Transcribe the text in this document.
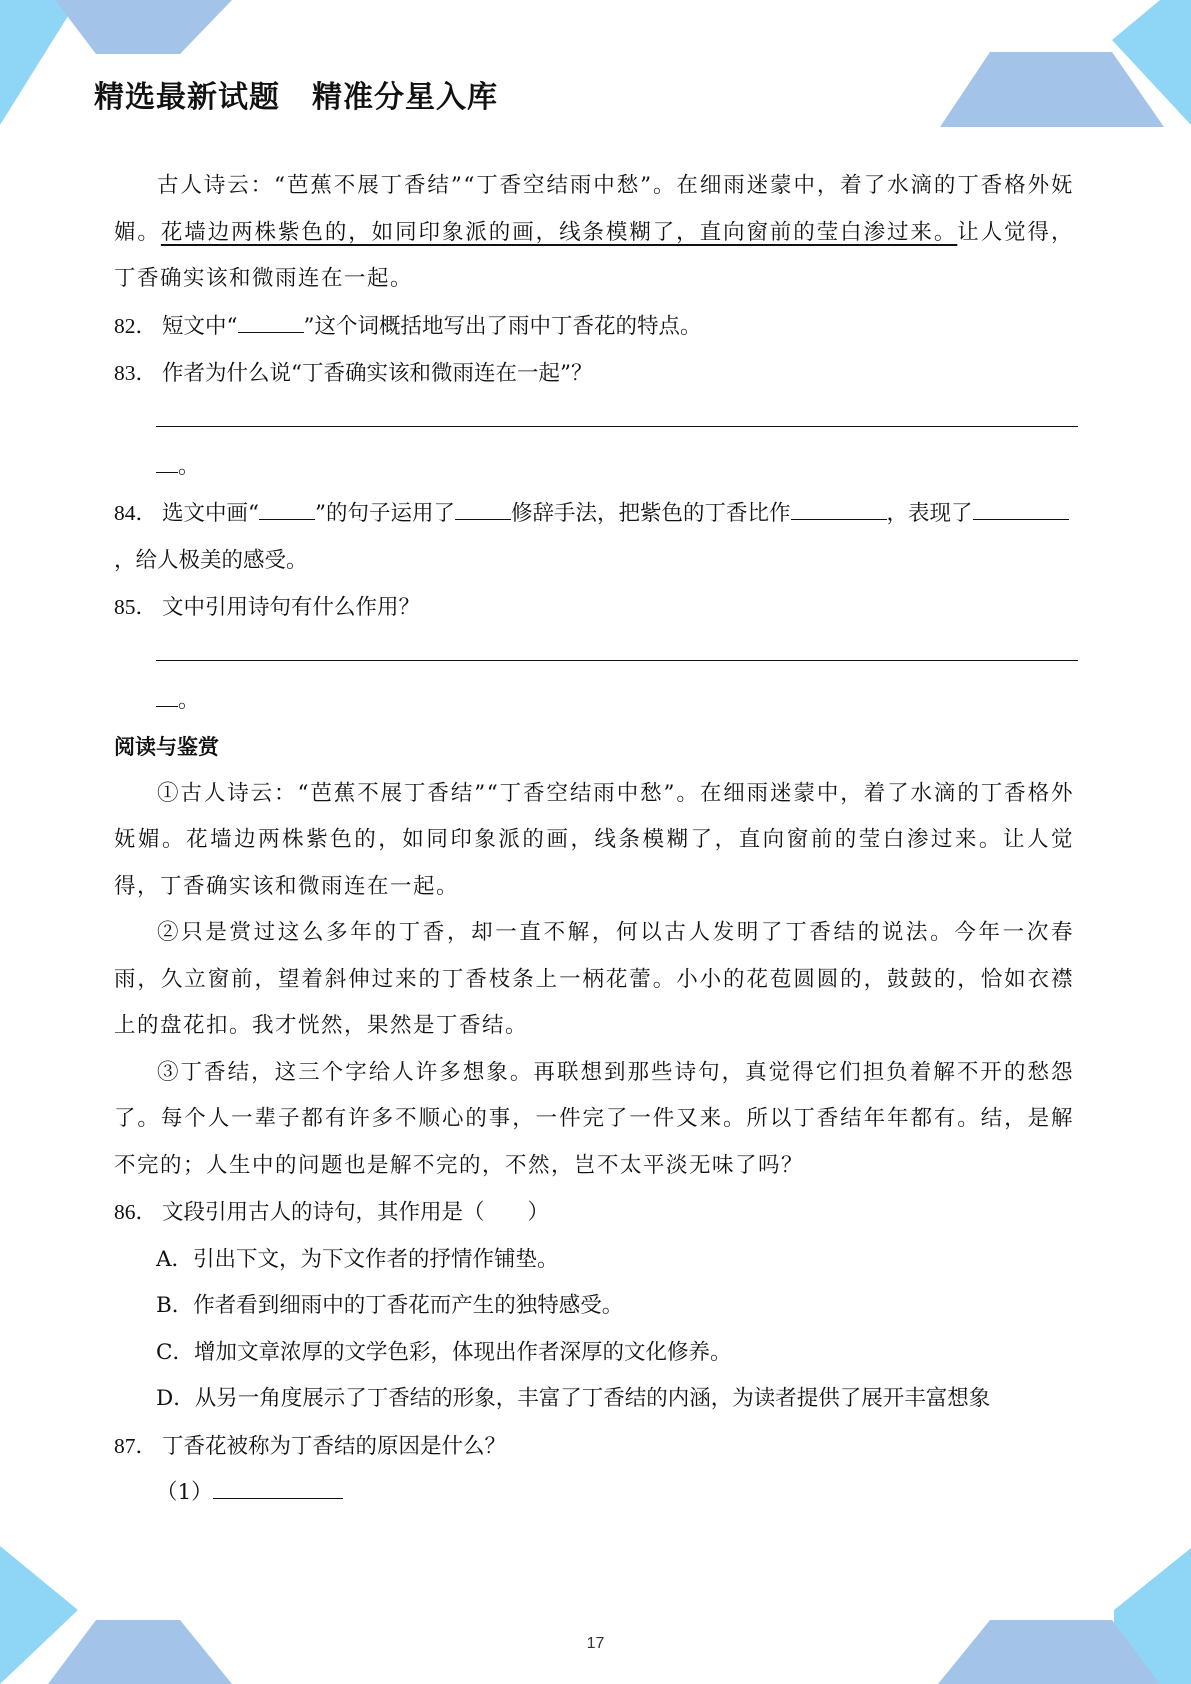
精选最新试题 精准分星入库

古人诗云：“芭蕉不展丁香结”“丁香空结雨中愁”。在细雨迷蒙中，着了水滴的丁香格外妩媚。花墙边两株紫色的，如同印象派的画，线条模糊了，直向窗前的莹白渗过来。让人觉得，丁香确实该和微雨连在一起。

82． 短文中“	”这个词概括地写出了雨中丁香花的特点。

83． 作者为什么说“丁香确实该和微雨连在一起”？

。

84． 选文中画“	”的句子运用了	修辞手法，把紫色的丁香比作	，表现了，给人极美的感受。

85． 文中引用诗句有什么作用？

。

阅读与鉴赏

①古人诗云：“芭蕉不展丁香结”“丁香空结雨中愁”。在细雨迷蒙中，着了水滴的丁香格外妩媚。花墙边两株紫色的，如同印象派的画，线条模糊了，直向窗前的莹白渗过来。让人觉得，丁香确实该和微雨连在一起。

②只是赏过这么多年的丁香，却一直不解，何以古人发明了丁香结的说法。今年一次春雨，久立窗前，望着斜伸过来的丁香枝条上一柄花蕾。小小的花苞圆圆的，鼓鼓的，恰如衣襟上的盘花扣。我才恍然，果然是丁香结。

③丁香结，这三个字给人许多想象。再联想到那些诗句，真觉得它们担负着解不开的愁怨了。每个人一辈子都有许多不顺心的事，一件完了一件又来。所以丁香结年年都有。结，是解不完的；人生中的问题也是解不完的，不然，岂不太平淡无味了吗？

86． 文段引用古人的诗句，其作用是（　　）

A．引出下文，为下文作者的抒情作铺垫。

B．作者看到细雨中的丁香花而产生的独特感受。

C．增加文章浓厚的文学色彩，体现出作者深厚的文化修养。

D．从另一角度展示了丁香结的形象，丰富了丁香结的内涵，为读者提供了展开丰富想象

87． 丁香花被称为丁香结的原因是什么？

（1）

17
